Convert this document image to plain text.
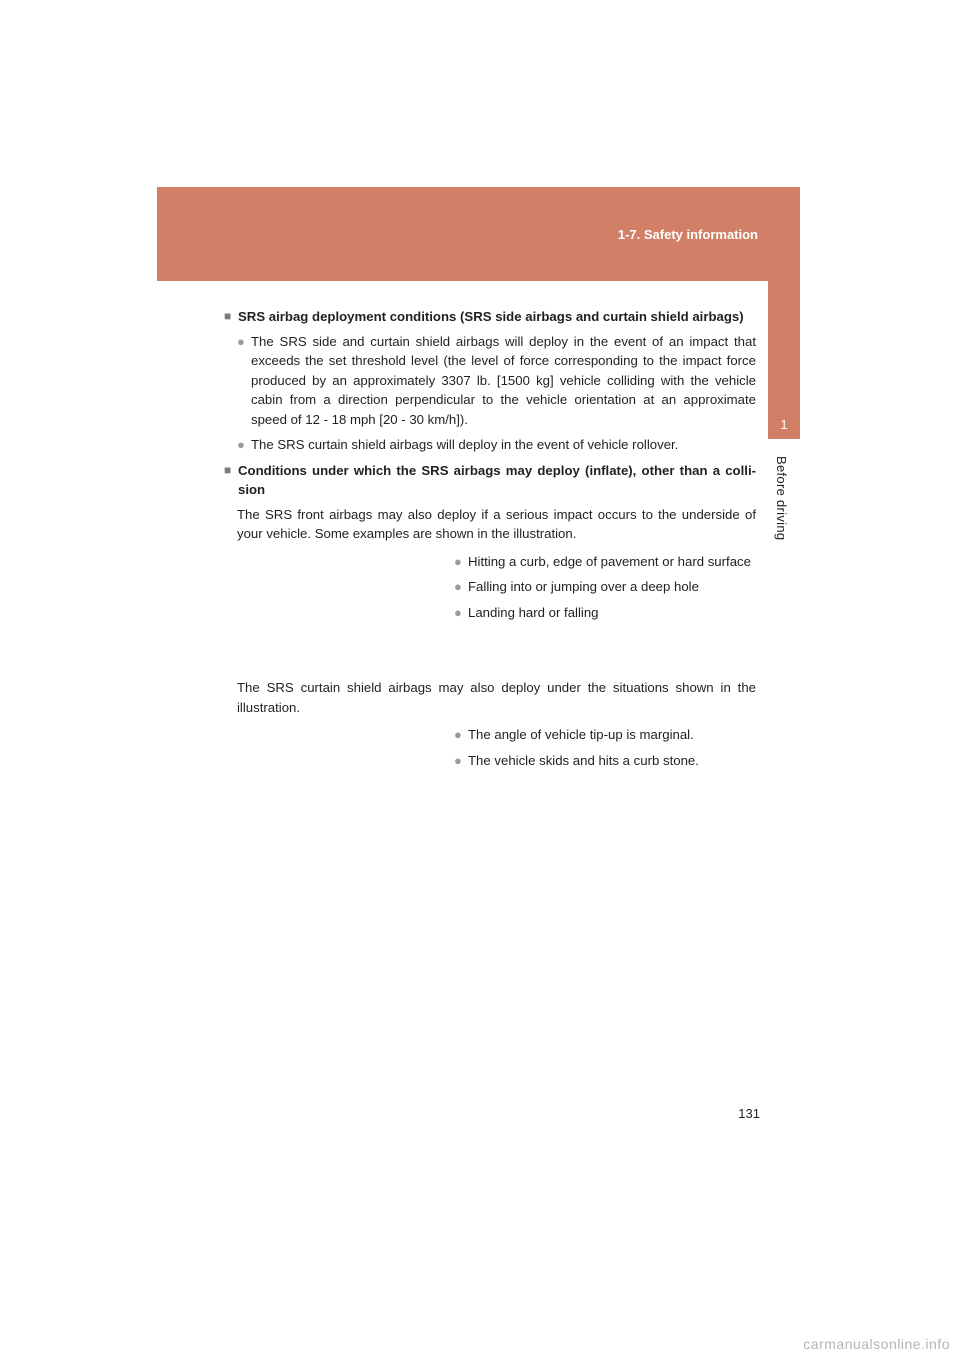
1-7. Safety information
1
Before driving
■ SRS airbag deployment conditions (SRS side airbags and curtain shield airbags)
● The SRS side and curtain shield airbags will deploy in the event of an impact that exceeds the set threshold level (the level of force corresponding to the impact force produced by an approximately 3307 lb. [1500 kg] vehicle colliding with the vehicle cabin from a direction perpendicular to the vehicle orientation at an approximate speed of 12 - 18 mph [20 - 30 km/h]).
● The SRS curtain shield airbags will deploy in the event of vehicle rollover.
■ Conditions under which the SRS airbags may deploy (inflate), other than a colli-sion
The SRS front airbags may also deploy if a serious impact occurs to the underside of your vehicle. Some examples are shown in the illustration.
● Hitting a curb, edge of pavement or hard surface
● Falling into or jumping over a deep hole
● Landing hard or falling
The SRS curtain shield airbags may also deploy under the situations shown in the illustration.
● The angle of vehicle tip-up is marginal.
● The vehicle skids and hits a curb stone.
131
carmanualsonline.info
